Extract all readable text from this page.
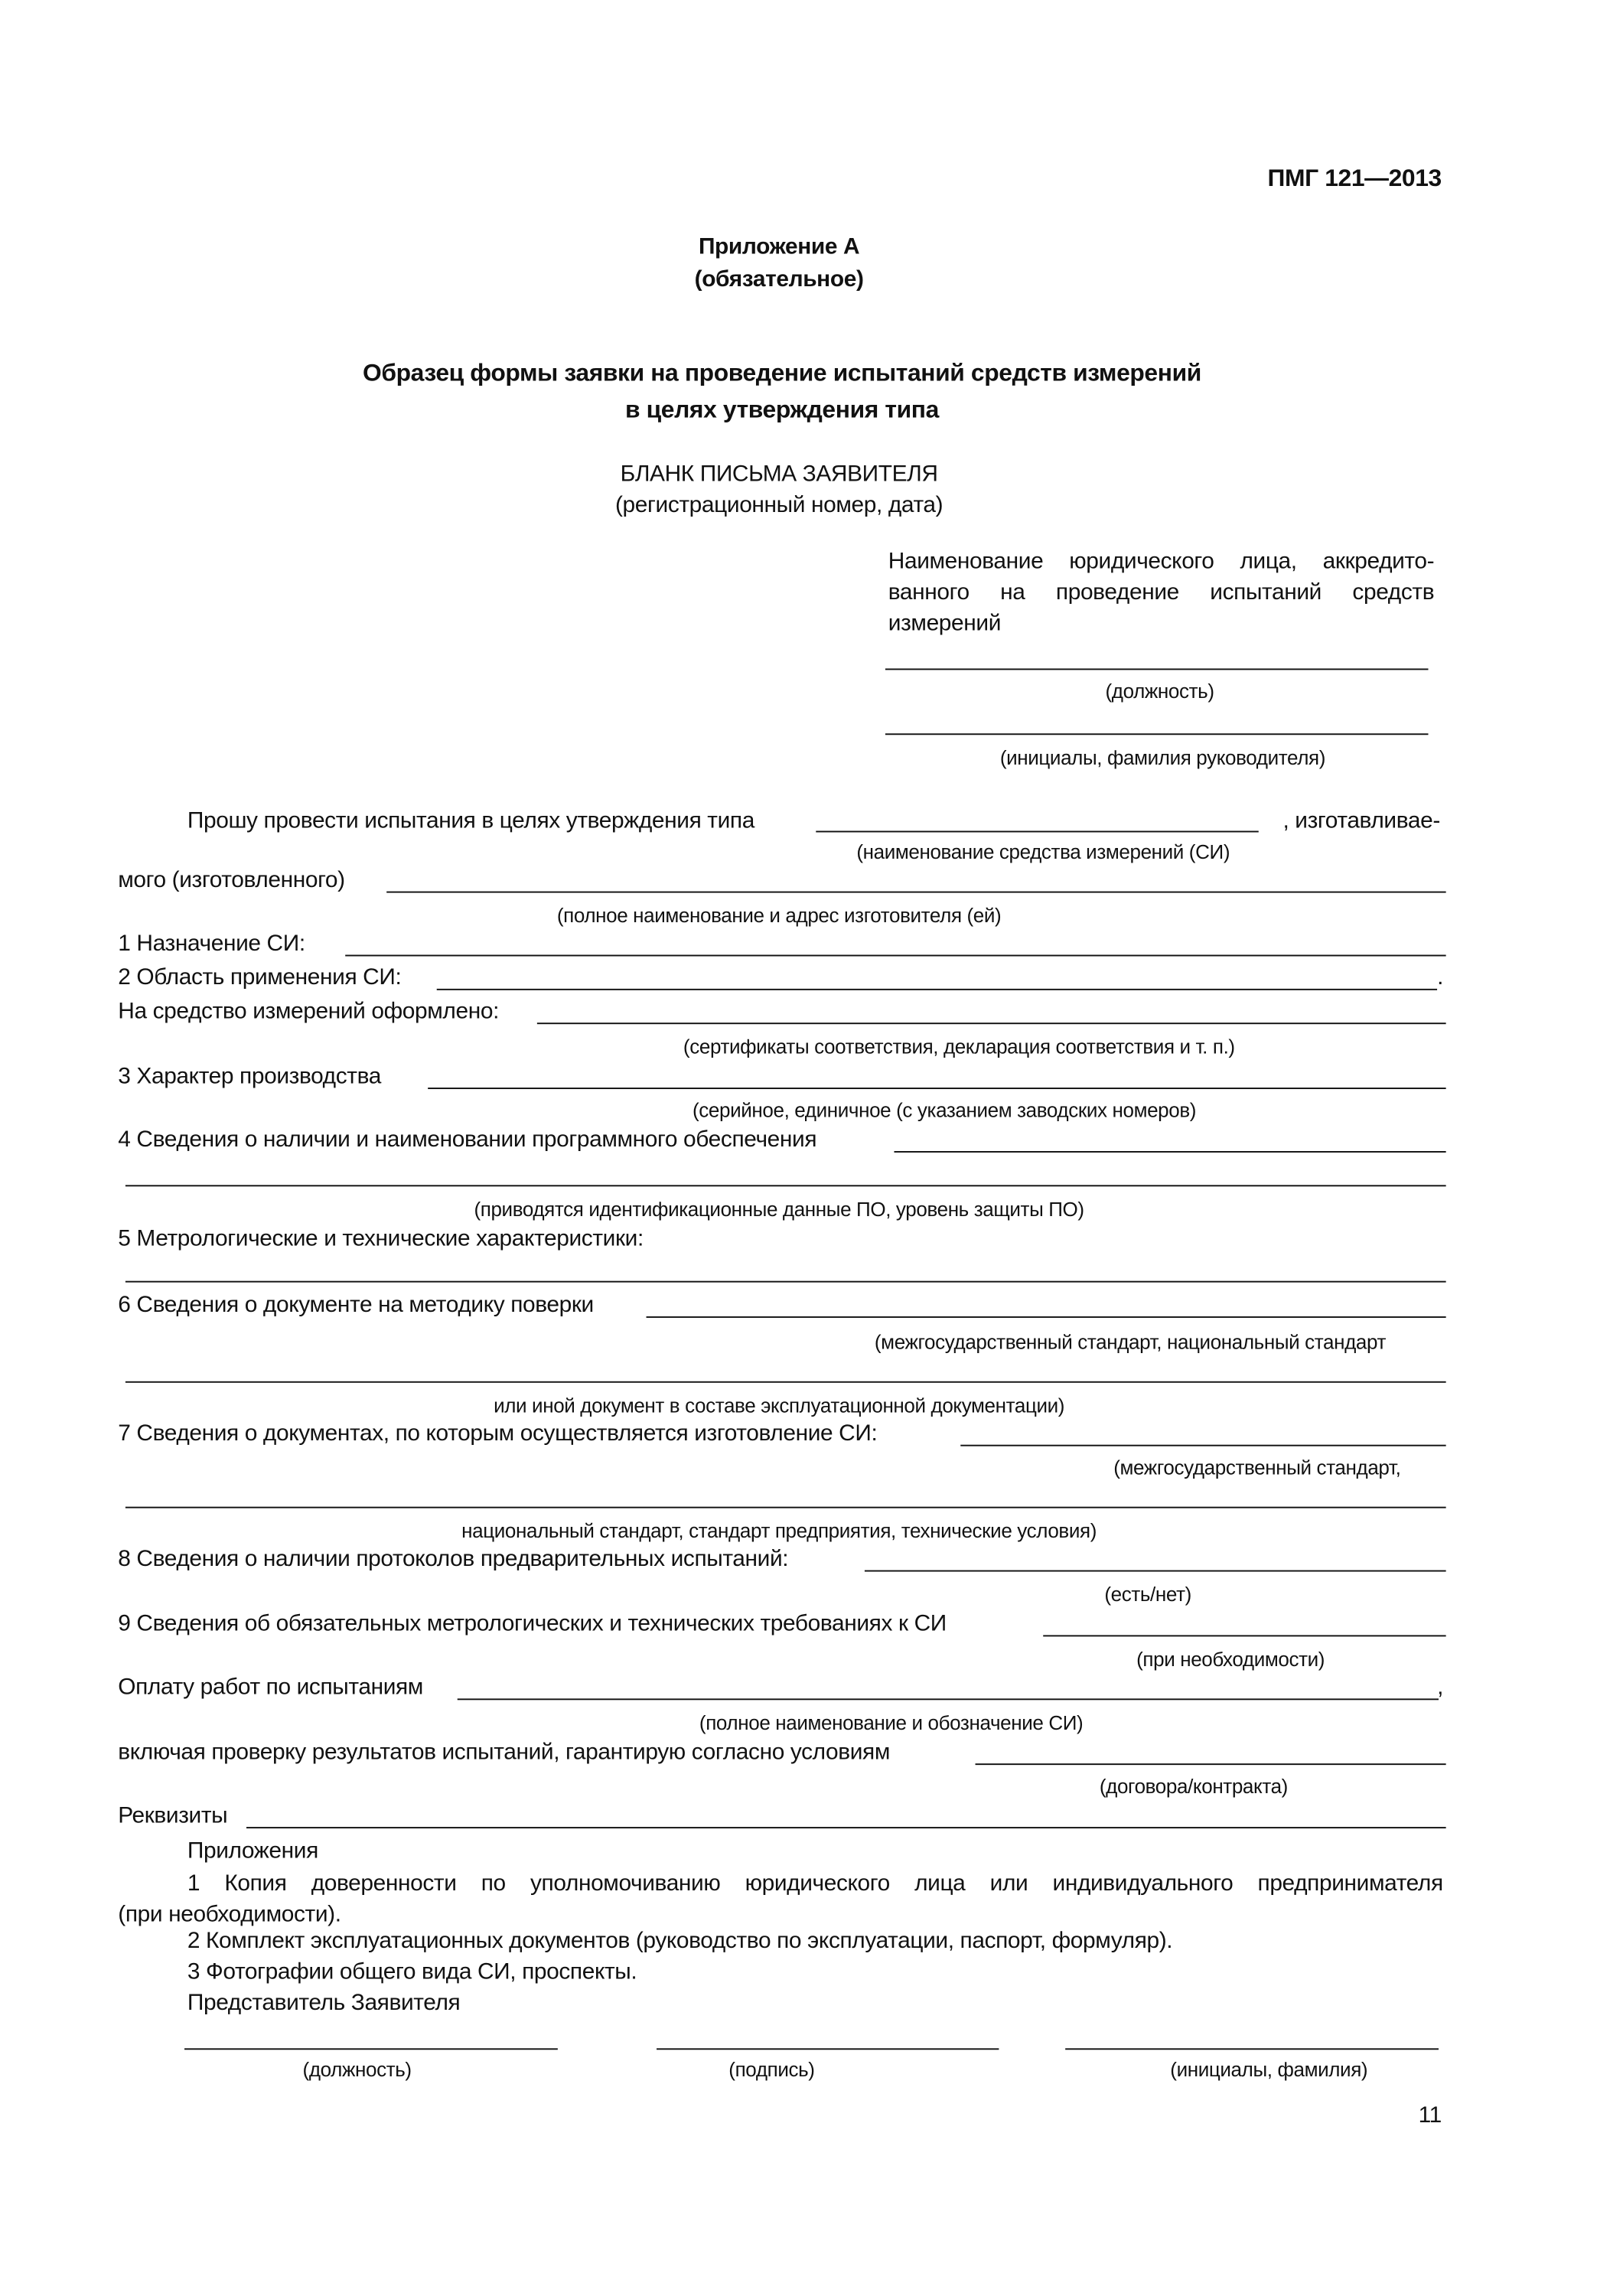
ПМГ 121—2013
Приложение А
(обязательное)
Образец формы заявки на проведение испытаний средств измерений
в целях утверждения типа
БЛАНК ПИСЬМА ЗАЯВИТЕЛЯ
(регистрационный номер, дата)
Наименование юридического лица, аккредито-
ванного на проведение испытаний средств
измерений
(должность)
(инициалы, фамилия руководителя)
Прошу провести испытания в целях утверждения типа	, изготавливае-
(наименование средства измерений (СИ)
мого (изготовленного)
(полное наименование и адрес изготовителя (ей)
1 Назначение СИ:
2 Область применения СИ:	.
На средство измерений оформлено:
(сертификаты соответствия, декларация соответствия и т. п.)
3 Характер производства
(серийное, единичное (с указанием заводских номеров)
4 Сведения о наличии и наименовании программного обеспечения
(приводятся идентификационные данные ПО, уровень защиты ПО)
5 Метрологические и технические характеристики:
6 Сведения о документе на методику поверки
(межгосударственный стандарт, национальный стандарт
или иной документ в составе эксплуатационной документации)
7 Сведения о документах, по которым осуществляется изготовление СИ:
(межгосударственный стандарт,
национальный стандарт, стандарт предприятия, технические условия)
8 Сведения о наличии протоколов предварительных испытаний:
(есть/нет)
9 Сведения об обязательных метрологических и технических требованиях к СИ
(при необходимости)
Оплату работ по испытаниям	,
(полное наименование и обозначение СИ)
включая проверку результатов испытаний, гарантирую согласно условиям
(договора/контракта)
Реквизиты
Приложения
1 Копия доверенности по уполномочиванию юридического лица или индивидуального предпринимателя
(при необходимости).
2 Комплект эксплуатационных документов (руководство по эксплуатации, паспорт, формуляр).
3 Фотографии общего вида СИ, проспекты.
Представитель Заявителя
(должность)	(подпись)	(инициалы, фамилия)
11
